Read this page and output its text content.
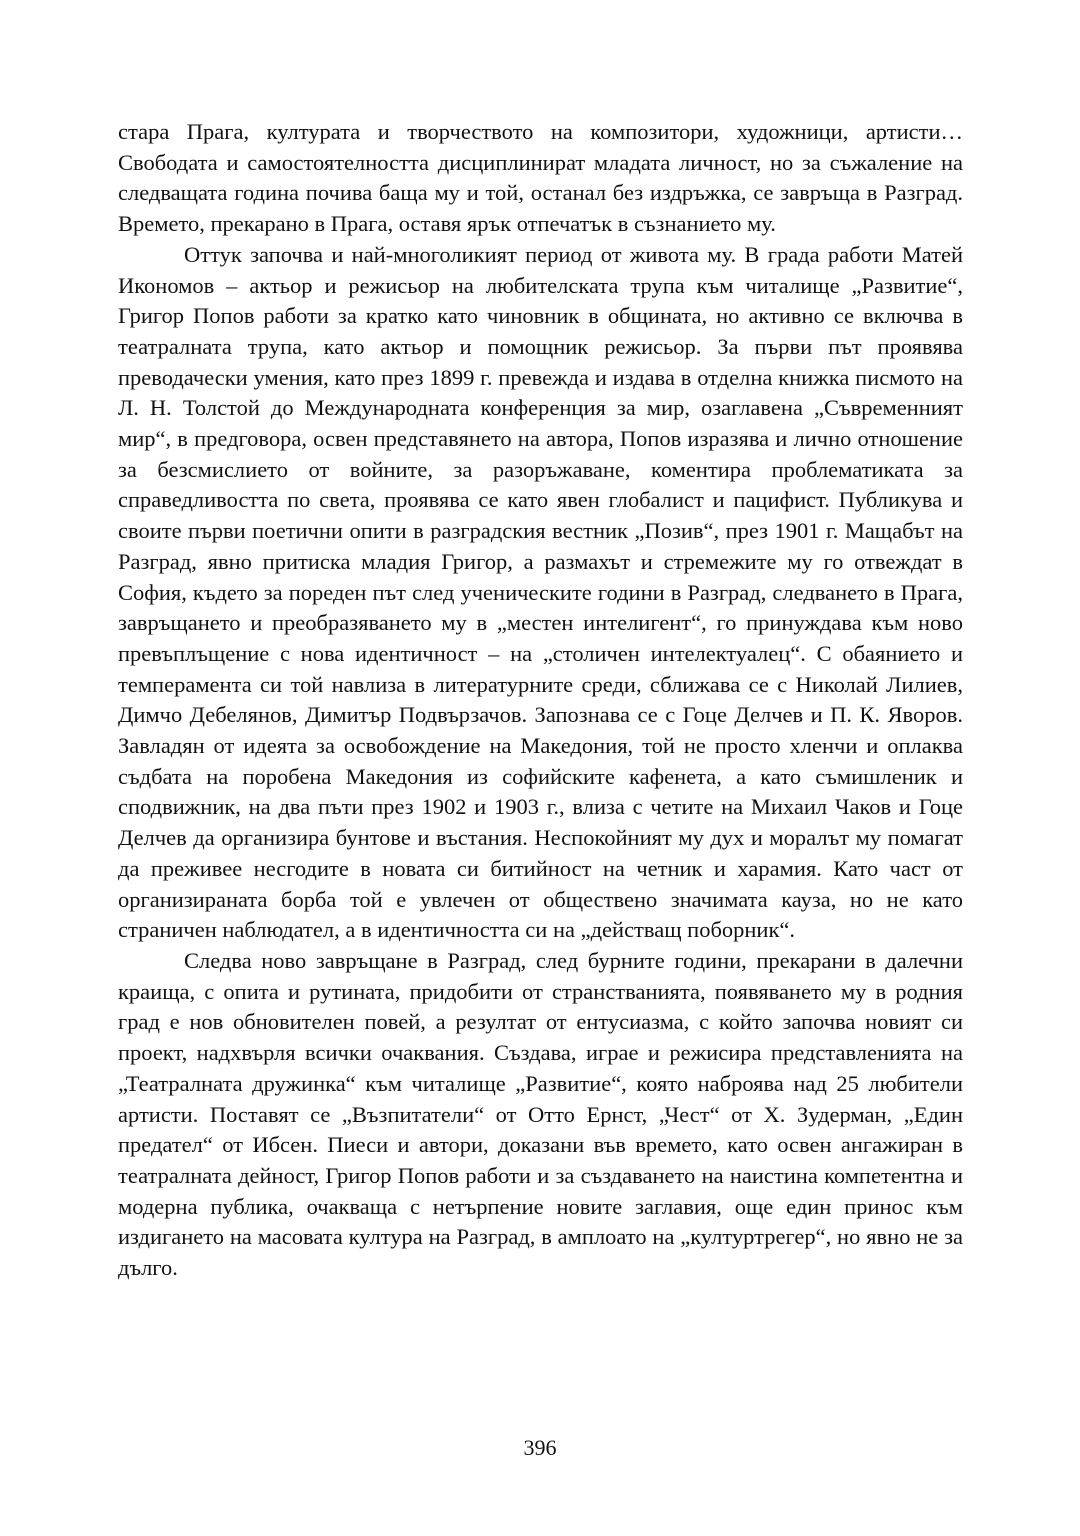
стара Прага, културата и творчеството на композитори, художници, артисти… Свободата и самостоятелността дисциплинират младата личност, но за съжаление на следващата година почива баща му и той, останал без издръжка, се завръща в Разград. Времето, прекарано в Прага, оставя ярък отпечатък в съзнанието му.

Оттук започва и най-многоликият период от живота му. В града работи Матей Икономов – актьор и режисьор на любителската трупа към читалище „Развитие“, Григор Попов работи за кратко като чиновник в общината, но активно се включва в театралната трупа, като актьор и помощник режисьор. За първи път проявява преводачески умения, като през 1899 г. превежда и издава в отделна книжка писмото на Л. Н. Толстой до Международната конференция за мир, озаглавена „Съвременният мир“, в предговора, освен представянето на автора, Попов изразява и лично отношение за безсмислието от войните, за разоръжаване, коментира проблематиката за справедливостта по света, проявява се като явен глобалист и пацифист. Публикува и своите първи поетични опити в разградския вестник „Позив“, през 1901 г. Мащабът на Разград, явно притиска младия Григор, а размахът и стремежите му го отвеждат в София, където за пореден път след ученическите години в Разград, следването в Прага, завръщането и преобразяването му в „местен интелигент“, го принуждава към ново превъплъщение с нова идентичност – на „столичен интелектуалец“. С обаянието и темперамента си той навлиза в литературните среди, сближава се с Николай Лилиев, Димчо Дебелянов, Димитър Подвързачов. Запознава се с Гоце Делчев и П. К. Яворов. Завладян от идеята за освобождение на Македония, той не просто хленчи и оплаква съдбата на поробена Македония из софийските кафенета, а като съмишленик и сподвижник, на два пъти през 1902 и 1903 г., влиза с четите на Михаил Чаков и Гоце Делчев да организира бунтове и въстания. Неспокойният му дух и моралът му помагат да преживее несгодите в новата си битийност на четник и харамия. Като част от организираната борба той е увлечен от обществено значимата кауза, но не като страничен наблюдател, а в идентичността си на „действащ поборник“.

Следва ново завръщане в Разград, след бурните години, прекарани в далечни краища, с опита и рутината, придобити от странстванията, появяването му в родния град е нов обновителен повей, а резултат от ентусиазма, с който започва новият си проект, надхвърля всички очаквания. Създава, играе и режисира представленията на „Театралната дружинка“ към читалище „Развитие“, която наброява над 25 любители артисти. Поставят се „Възпитатели“ от Отто Ернст, „Чест“ от Х. Зудерман, „Един предател“ от Ибсен. Пиеси и автори, доказани във времето, като освен ангажиран в театралната дейност, Григор Попов работи и за създаването на наистина компетентна и модерна публика, очакваща с нетърпение новите заглавия, още един принос към издигането на масовата култура на Разград, в амплоато на „културтрегер“, но явно не за дълго.

396
